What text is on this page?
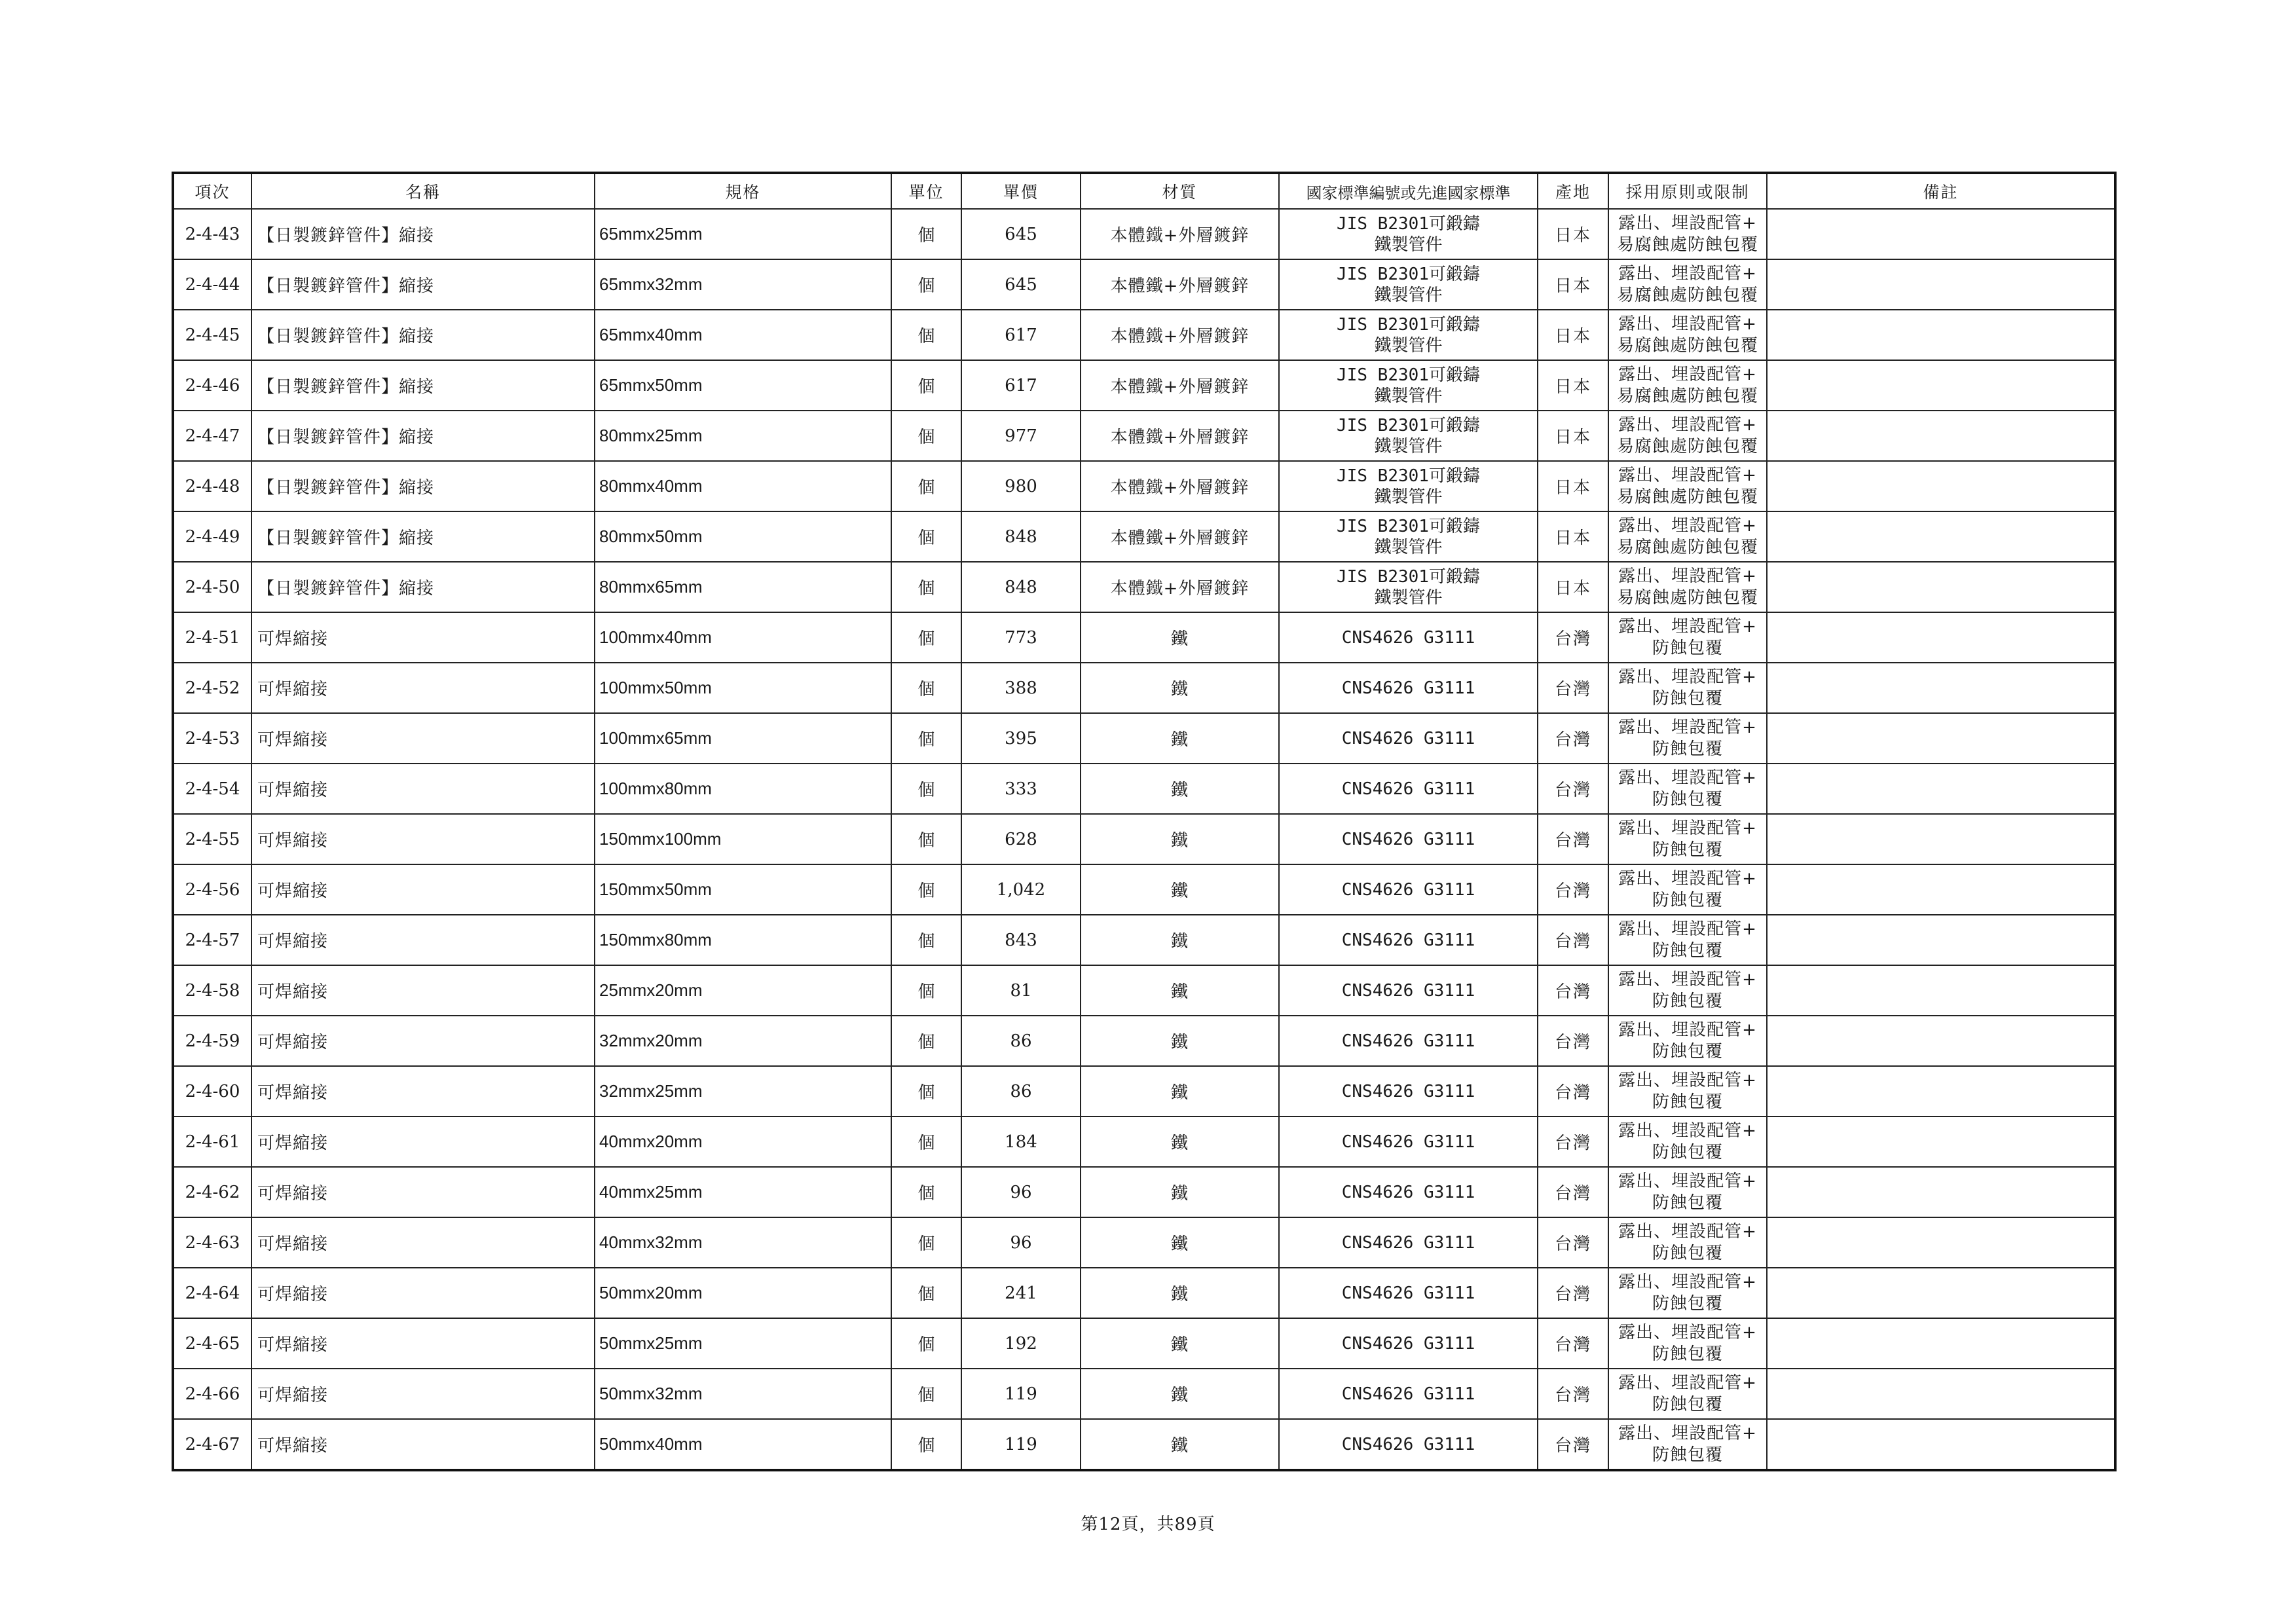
項次	名稱	規格	單位	單價	材質	國家標準編號或先進國家標準	產地	採用原則或限制	備註
2-4-43	【日製鍍鋅管件】縮接	65mmx25mm	個	645	本體鐵+外層鍍鋅	JIS B2301可鍛鑄
鐵製管件	日本	露出、埋設配管+
易腐蝕處防蝕包覆	

2-4-44	【日製鍍鋅管件】縮接	65mmx32mm	個	645	本體鐵+外層鍍鋅	JIS B2301可鍛鑄
鐵製管件	日本	露出、埋設配管+
易腐蝕處防蝕包覆	

2-4-45	【日製鍍鋅管件】縮接	65mmx40mm	個	617	本體鐵+外層鍍鋅	JIS B2301可鍛鑄
鐵製管件	日本	露出、埋設配管+
易腐蝕處防蝕包覆	

2-4-46	【日製鍍鋅管件】縮接	65mmx50mm	個	617	本體鐵+外層鍍鋅	JIS B2301可鍛鑄
鐵製管件	日本	露出、埋設配管+
易腐蝕處防蝕包覆	

2-4-47	【日製鍍鋅管件】縮接	80mmx25mm	個	977	本體鐵+外層鍍鋅	JIS B2301可鍛鑄
鐵製管件	日本	露出、埋設配管+
易腐蝕處防蝕包覆	

2-4-48	【日製鍍鋅管件】縮接	80mmx40mm	個	980	本體鐵+外層鍍鋅	JIS B2301可鍛鑄
鐵製管件	日本	露出、埋設配管+
易腐蝕處防蝕包覆	

2-4-49	【日製鍍鋅管件】縮接	80mmx50mm	個	848	本體鐵+外層鍍鋅	JIS B2301可鍛鑄
鐵製管件	日本	露出、埋設配管+
易腐蝕處防蝕包覆	

2-4-50	【日製鍍鋅管件】縮接	80mmx65mm	個	848	本體鐵+外層鍍鋅	JIS B2301可鍛鑄
鐵製管件	日本	露出、埋設配管+
易腐蝕處防蝕包覆	

2-4-51	可焊縮接	100mmx40mm	個	773	鐵	CNS4626 G3111	台灣	露出、埋設配管+
防蝕包覆	

2-4-52	可焊縮接	100mmx50mm	個	388	鐵	CNS4626 G3111	台灣	露出、埋設配管+
防蝕包覆	

2-4-53	可焊縮接	100mmx65mm	個	395	鐵	CNS4626 G3111	台灣	露出、埋設配管+
防蝕包覆	

2-4-54	可焊縮接	100mmx80mm	個	333	鐵	CNS4626 G3111	台灣	露出、埋設配管+
防蝕包覆	

2-4-55	可焊縮接	150mmx100mm	個	628	鐵	CNS4626 G3111	台灣	露出、埋設配管+
防蝕包覆	

2-4-56	可焊縮接	150mmx50mm	個	1,042	鐵	CNS4626 G3111	台灣	露出、埋設配管+
防蝕包覆	

2-4-57	可焊縮接	150mmx80mm	個	843	鐵	CNS4626 G3111	台灣	露出、埋設配管+
防蝕包覆	

2-4-58	可焊縮接	25mmx20mm	個	81	鐵	CNS4626 G3111	台灣	露出、埋設配管+
防蝕包覆	

2-4-59	可焊縮接	32mmx20mm	個	86	鐵	CNS4626 G3111	台灣	露出、埋設配管+
防蝕包覆	

2-4-60	可焊縮接	32mmx25mm	個	86	鐵	CNS4626 G3111	台灣	露出、埋設配管+
防蝕包覆	

2-4-61	可焊縮接	40mmx20mm	個	184	鐵	CNS4626 G3111	台灣	露出、埋設配管+
防蝕包覆	

2-4-62	可焊縮接	40mmx25mm	個	96	鐵	CNS4626 G3111	台灣	露出、埋設配管+
防蝕包覆	

2-4-63	可焊縮接	40mmx32mm	個	96	鐵	CNS4626 G3111	台灣	露出、埋設配管+
防蝕包覆	

2-4-64	可焊縮接	50mmx20mm	個	241	鐵	CNS4626 G3111	台灣	露出、埋設配管+
防蝕包覆	

2-4-65	可焊縮接	50mmx25mm	個	192	鐵	CNS4626 G3111	台灣	露出、埋設配管+
防蝕包覆	

2-4-66	可焊縮接	50mmx32mm	個	119	鐵	CNS4626 G3111	台灣	露出、埋設配管+
防蝕包覆	

2-4-67	可焊縮接	50mmx40mm	個	119	鐵	CNS4626 G3111	台灣	露出、埋設配管+
防蝕包覆	

第12頁，共89頁
